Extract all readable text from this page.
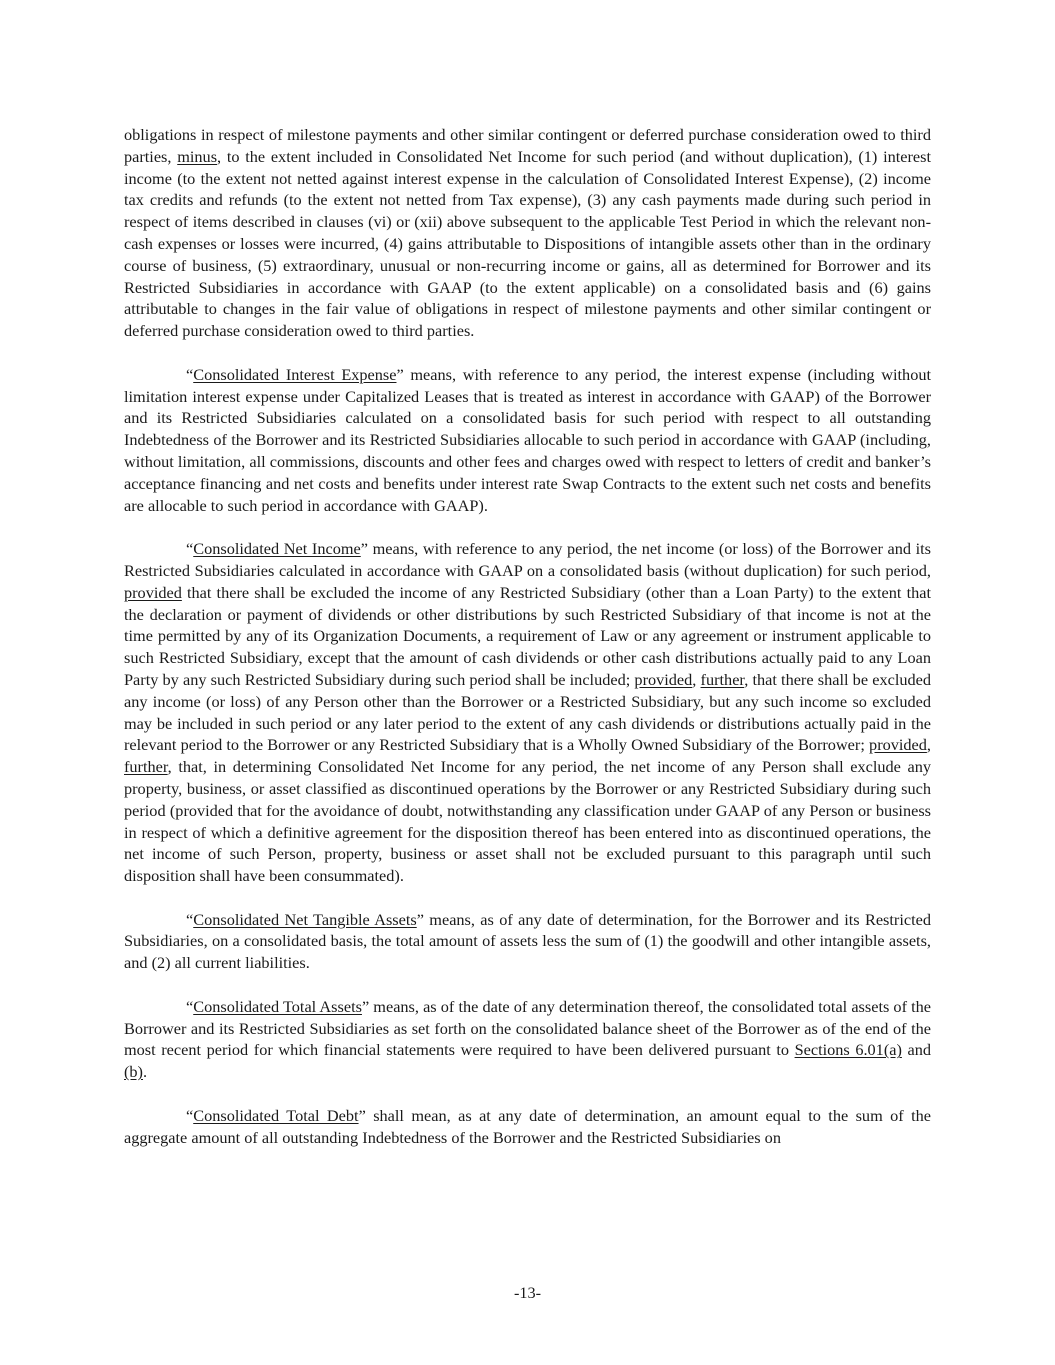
obligations in respect of milestone payments and other similar contingent or deferred purchase consideration owed to third parties, minus, to the extent included in Consolidated Net Income for such period (and without duplication), (1) interest income (to the extent not netted against interest expense in the calculation of Consolidated Interest Expense), (2) income tax credits and refunds (to the extent not netted from Tax expense), (3) any cash payments made during such period in respect of items described in clauses (vi) or (xii) above subsequent to the applicable Test Period in which the relevant non-cash expenses or losses were incurred, (4) gains attributable to Dispositions of intangible assets other than in the ordinary course of business, (5) extraordinary, unusual or non-recurring income or gains, all as determined for Borrower and its Restricted Subsidiaries in accordance with GAAP (to the extent applicable) on a consolidated basis and (6) gains attributable to changes in the fair value of obligations in respect of milestone payments and other similar contingent or deferred purchase consideration owed to third parties.

“Consolidated Interest Expense” means, with reference to any period, the interest expense (including without limitation interest expense under Capitalized Leases that is treated as interest in accordance with GAAP) of the Borrower and its Restricted Subsidiaries calculated on a consolidated basis for such period with respect to all outstanding Indebtedness of the Borrower and its Restricted Subsidiaries allocable to such period in accordance with GAAP (including, without limitation, all commissions, discounts and other fees and charges owed with respect to letters of credit and banker’s acceptance financing and net costs and benefits under interest rate Swap Contracts to the extent such net costs and benefits are allocable to such period in accordance with GAAP).

“Consolidated Net Income” means, with reference to any period, the net income (or loss) of the Borrower and its Restricted Subsidiaries calculated in accordance with GAAP on a consolidated basis (without duplication) for such period, provided that there shall be excluded the income of any Restricted Subsidiary (other than a Loan Party) to the extent that the declaration or payment of dividends or other distributions by such Restricted Subsidiary of that income is not at the time permitted by any of its Organization Documents, a requirement of Law or any agreement or instrument applicable to such Restricted Subsidiary, except that the amount of cash dividends or other cash distributions actually paid to any Loan Party by any such Restricted Subsidiary during such period shall be included; provided, further, that there shall be excluded any income (or loss) of any Person other than the Borrower or a Restricted Subsidiary, but any such income so excluded may be included in such period or any later period to the extent of any cash dividends or distributions actually paid in the relevant period to the Borrower or any Restricted Subsidiary that is a Wholly Owned Subsidiary of the Borrower; provided, further, that, in determining Consolidated Net Income for any period, the net income of any Person shall exclude any property, business, or asset classified as discontinued operations by the Borrower or any Restricted Subsidiary during such period (provided that for the avoidance of doubt, notwithstanding any classification under GAAP of any Person or business in respect of which a definitive agreement for the disposition thereof has been entered into as discontinued operations, the net income of such Person, property, business or asset shall not be excluded pursuant to this paragraph until such disposition shall have been consummated).

“Consolidated Net Tangible Assets” means, as of any date of determination, for the Borrower and its Restricted Subsidiaries, on a consolidated basis, the total amount of assets less the sum of (1) the goodwill and other intangible assets, and (2) all current liabilities.

“Consolidated Total Assets” means, as of the date of any determination thereof, the consolidated total assets of the Borrower and its Restricted Subsidiaries as set forth on the consolidated balance sheet of the Borrower as of the end of the most recent period for which financial statements were required to have been delivered pursuant to Sections 6.01(a) and (b).

“Consolidated Total Debt” shall mean, as at any date of determination, an amount equal to the sum of the aggregate amount of all outstanding Indebtedness of the Borrower and the Restricted Subsidiaries on

-13-
